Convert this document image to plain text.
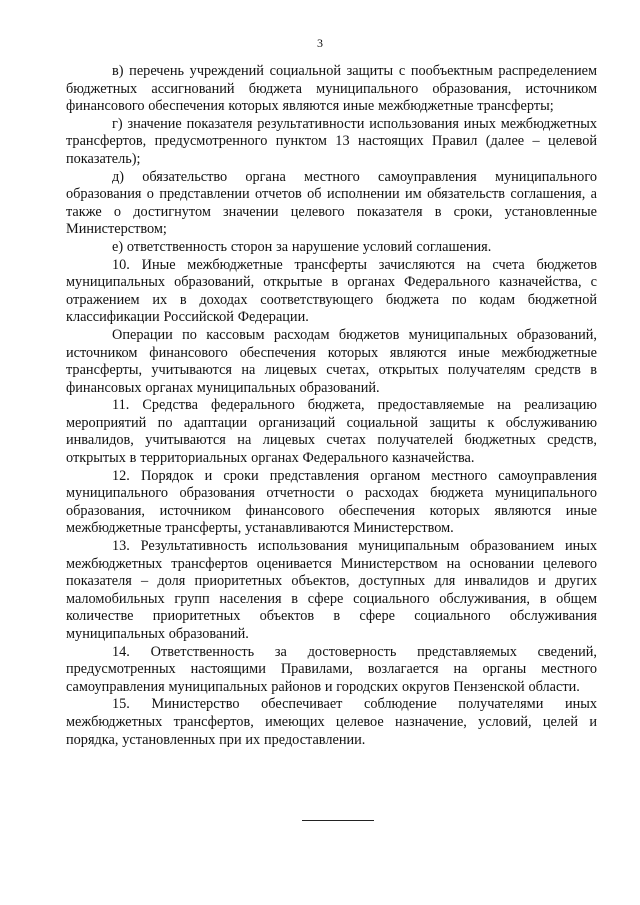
3

в) перечень учреждений социальной защиты с пообъектным распределением бюджетных ассигнований бюджета муниципального образования, источником финансового обеспечения которых являются иные межбюджетные трансферты;

г) значение показателя результативности использования иных межбюджетных трансфертов, предусмотренного пунктом 13 настоящих Правил (далее – целевой показатель);

д) обязательство органа местного самоуправления муниципального образования о представлении отчетов об исполнении им обязательств соглашения, а также о достигнутом значении целевого показателя в сроки, установленные Министерством;

е) ответственность сторон за нарушение условий соглашения.

10. Иные межбюджетные трансферты зачисляются на счета бюджетов муниципальных образований, открытые в органах Федерального казначейства, с отражением их в доходах соответствующего бюджета по кодам бюджетной классификации Российской Федерации.

Операции по кассовым расходам бюджетов муниципальных образований, источником финансового обеспечения которых являются иные межбюджетные трансферты, учитываются на лицевых счетах, открытых получателям средств в финансовых органах муниципальных образований.

11. Средства федерального бюджета, предоставляемые на реализацию мероприятий по адаптации организаций социальной защиты к обслуживанию инвалидов, учитываются на лицевых счетах получателей бюджетных средств, открытых в территориальных органах Федерального казначейства.

12. Порядок и сроки представления органом местного самоуправления муниципального образования отчетности о расходах бюджета муниципального образования, источником финансового обеспечения которых являются иные межбюджетные трансферты, устанавливаются Министерством.

13. Результативность использования муниципальным образованием иных межбюджетных трансфертов оценивается Министерством на основании целевого показателя – доля приоритетных объектов, доступных для инвалидов и других маломобильных групп населения в сфере социального обслуживания, в общем количестве приоритетных объектов в сфере социального обслуживания муниципальных образований.

14. Ответственность за достоверность представляемых сведений, предусмотренных настоящими Правилами, возлагается на органы местного самоуправления муниципальных районов и городских округов Пензенской области.

15. Министерство обеспечивает соблюдение получателями иных межбюджетных трансфертов, имеющих целевое назначение, условий, целей и порядка, установленных при их предоставлении.
